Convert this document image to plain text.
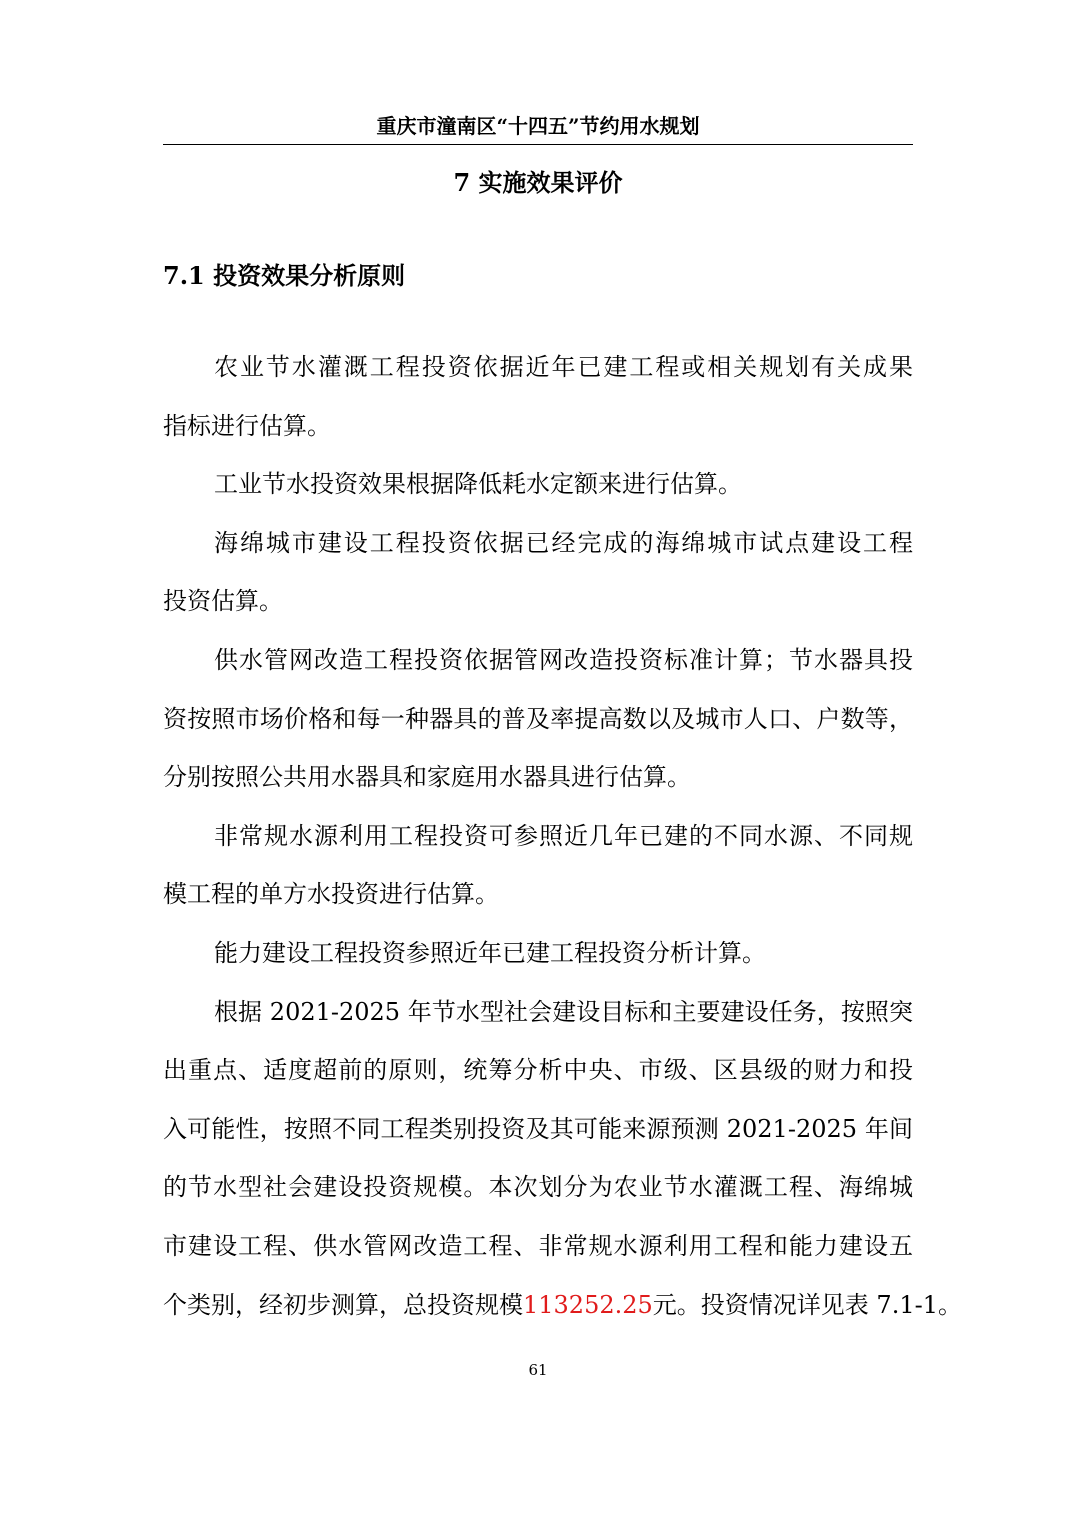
重庆市潼南区“十四五”节约用水规划
7 实施效果评价
7.1 投资效果分析原则
农业节水灌溉工程投资依据近年已建工程或相关规划有关成果
指标进行估算。
工业节水投资效果根据降低耗水定额来进行估算。
海绵城市建设工程投资依据已经完成的海绵城市试点建设工程
投资估算。
供水管网改造工程投资依据管网改造投资标准计算；节水器具投
资按照市场价格和每一种器具的普及率提高数以及城市人口、户数等，
分别按照公共用水器具和家庭用水器具进行估算。
非常规水源利用工程投资可参照近几年已建的不同水源、不同规
模工程的单方水投资进行估算。
能力建设工程投资参照近年已建工程投资分析计算。
根据 2021-2025 年节水型社会建设目标和主要建设任务，按照突
出重点、适度超前的原则，统筹分析中央、市级、区县级的财力和投
入可能性，按照不同工程类别投资及其可能来源预测 2021-2025 年间
的节水型社会建设投资规模。本次划分为农业节水灌溉工程、海绵城
市建设工程、供水管网改造工程、非常规水源利用工程和能力建设五
个类别，经初步测算，总投资规模113252.25元。投资情况详见表 7.1-1。
61
